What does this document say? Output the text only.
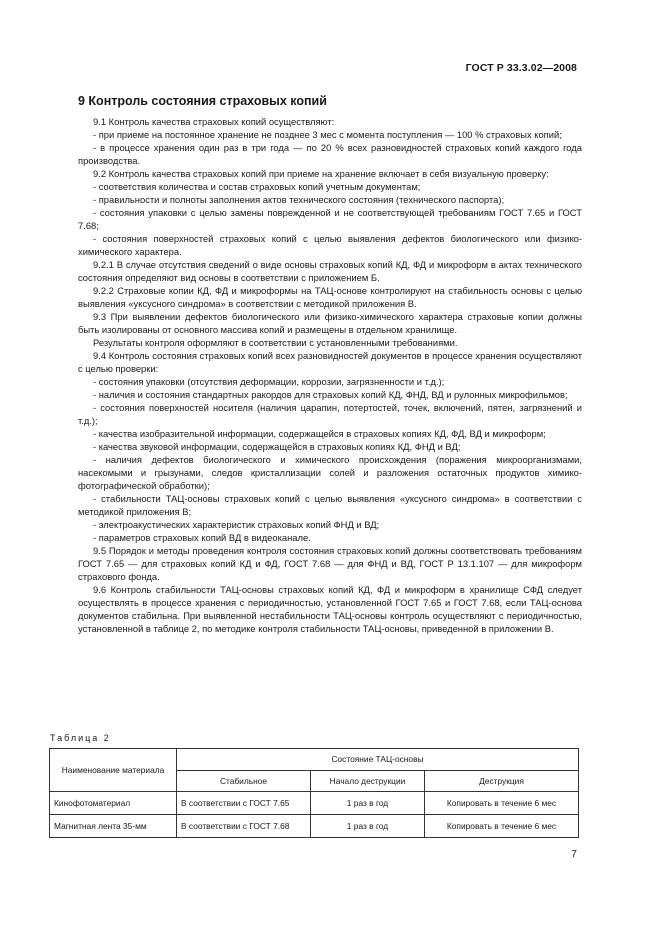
ГОСТ Р 33.3.02—2008
9 Контроль состояния страховых копий

9.1 Контроль качества страховых копий осуществляют:

- при приеме на постоянное хранение не позднее 3 мес с момента поступления — 100 % страховых копий;

- в процессе хранения один раз в три года — по 20 % всех разновидностей страховых копий каждого года производства.

9.2 Контроль качества страховых копий при приеме на хранение включает в себя визуальную проверку:

- соответствия количества и состав страховых копий учетным документам;

- правильности и полноты заполнения актов технического состояния (технического паспорта);

- состояния упаковки с целью замены поврежденной и не соответствующей требованиям ГОСТ 7.65 и ГОСТ 7.68;

- состояния поверхностей страховых копий с целью выявления дефектов биологического или физико-химического характера.

9.2.1 В случае отсутствия сведений о виде основы страховых копий КД, ФД и микроформ в актах технического состояния определяют вид основы в соответствии с приложением Б.

9.2.2 Страховые копии КД, ФД и микроформы на ТАЦ-основе контролируют на стабильность основы с целью выявления «уксусного синдрома» в соответствии с методикой приложения В.

9.3 При выявлении дефектов биологического или физико-химического характера страховые копии должны быть изолированы от основного массива копий и размещены в отдельном хранилище.

Результаты контроля оформляют в соответствии с установленными требованиями.

9.4 Контроль состояния страховых копий всех разновидностей документов в процессе хранения осуществляют с целью проверки:

- состояния упаковки (отсутствия деформации, коррозии, загрязненности и т.д.);

- наличия и состояния стандартных ракордов для страховых копий КД, ФНД, ВД и рулонных микрофильмов;

- состояния поверхностей носителя (наличия царапин, потертостей, точек, включений, пятен, загрязнений и т.д.);

- качества изобразительной информации, содержащейся в страховых копиях КД, ФД, ВД и микроформ;

- качества звуковой информации, содержащейся в страховых копиях КД, ФНД и ВД;

- наличия дефектов биологического и химического происхождения (поражения микроорганизмами, насекомыми и грызунами, следов кристаллизации солей и разложения остаточных продуктов химико-фотографической обработки);

- стабильности ТАЦ-основы страховых копий с целью выявления «уксусного синдрома» в соответствии с методикой приложения В;

- электроакустических характеристик страховых копий ФНД и ВД;

- параметров страховых копий ВД в видеоканале.

9.5 Порядок и методы проведения контроля состояния страховых копий должны соответствовать требованиям ГОСТ 7.65 — для страховых копий КД и ФД, ГОСТ 7.68 — для ФНД и ВД, ГОСТ Р 13.1.107 — для микроформ страхового фонда.

9.6 Контроль стабильности ТАЦ-основы страховых копий КД, ФД и микроформ в хранилище СФД следует осуществлять в процессе хранения с периодичностью, установленной ГОСТ 7.65 и ГОСТ 7.68, если ТАЦ-основа документов стабильна. При выявленной нестабильности ТАЦ-основы контроль осуществляют с периодичностью, установленной в таблице 2, по методике контроля стабильности ТАЦ-основы, приведенной в приложении В.

Таблица 2
Наименование материала	Состояние ТАЦ-основы		
	Стабильное	Начало деструкции	Деструкция
Кинофотоматериал	В соответствии с ГОСТ 7.65	1 раз в год	Копировать в течение 6 мес
Магнитная лента 35-мм	В соответствии с ГОСТ 7.68	1 раз в год	Копировать в течение 6 мес
7
